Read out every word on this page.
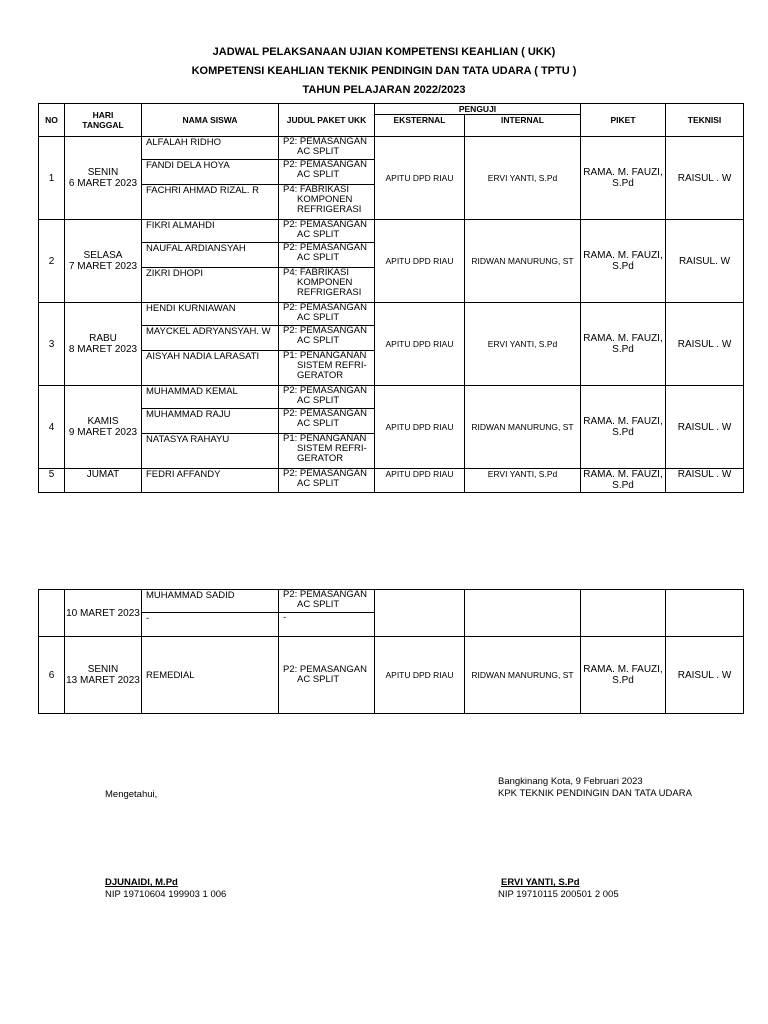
JADWAL PELAKSANAAN UJIAN KOMPETENSI KEAHLIAN ( UKK)
KOMPETENSI KEAHLIAN TEKNIK PENDINGIN DAN TATA UDARA ( TPTU )
TAHUN PELAJARAN 2022/2023
NO	HARI
TANGGAL	NAMA SISWA	JUDUL PAKET UKK	PENGUJI		PIKET	TEKNISI
				EKSTERNAL	INTERNAL		
1	SENIN
6 MARET 2023	ALFALAH RIDHO	P2: PEMASANGAN
AC SPLIT	APITU DPD RIAU	ERVI YANTI, S.Pd	RAMA. M. FAUZI,
S.Pd	RAISUL . W
		FANDI DELA HOYA	P2: PEMASANGAN
AC SPLIT				

		FACHRI AHMAD RIZAL. R	P4: FABRIKASI
KOMPONEN
REFRIGERASI				

2	SELASA
7 MARET 2023	FIKRI ALMAHDI	P2: PEMASANGAN
AC SPLIT	APITU DPD RIAU	RIDWAN MANURUNG, ST	RAMA. M. FAUZI,
S.Pd	RAISUL. W
		NAUFAL ARDIANSYAH	P2: PEMASANGAN
AC SPLIT				

		ZIKRI DHOPI	P4: FABRIKASI
KOMPONEN
REFRIGERASI				

3	RABU
8 MARET 2023	HENDI KURNIAWAN	P2: PEMASANGAN
AC SPLIT	APITU DPD RIAU	ERVI YANTI, S.Pd	RAMA. M. FAUZI,
S.Pd	RAISUL . W
		MAYCKEL ADRYANSYAH. W	P2: PEMASANGAN
AC SPLIT				

		AISYAH NADIA LARASATI	P1: PENANGANAN
SISTEM REFRI-
GERATOR				

4	KAMIS
9 MARET 2023	MUHAMMAD KEMAL	P2: PEMASANGAN
AC SPLIT	APITU DPD RIAU	RIDWAN MANURUNG, ST	RAMA. M. FAUZI,
S.Pd	RAISUL . W
		MUHAMMAD RAJU	P2: PEMASANGAN
AC SPLIT				

		NATASYA RAHAYU	P1: PENANGANAN
SISTEM REFRI-
GERATOR				

5	JUMAT	FEDRI AFFANDY	P2: PEMASANGAN
AC SPLIT	APITU DPD RIAU	ERVI YANTI, S.Pd	RAMA. M. FAUZI,
S.Pd	RAISUL . W
	10 MARET 2023	MUHAMMAD SADID	P2: PEMASANGAN
AC SPLIT				

		-	-				
6	SENIN
13 MARET 2023	REMEDIAL	P2: PEMASANGAN
AC SPLIT	APITU DPD RIAU	RIDWAN MANURUNG, ST	RAMA. M. FAUZI,
S.Pd	RAISUL . W
Bangkinang Kota, 9 Februari 2023
KPK TEKNIK PENDINGIN DAN TATA UDARA
Mengetahui,
DJUNAIDI, M.Pd
NIP 19710604 199903 1 006
ERVI YANTI, S.Pd
NIP 19710115 200501 2 005
